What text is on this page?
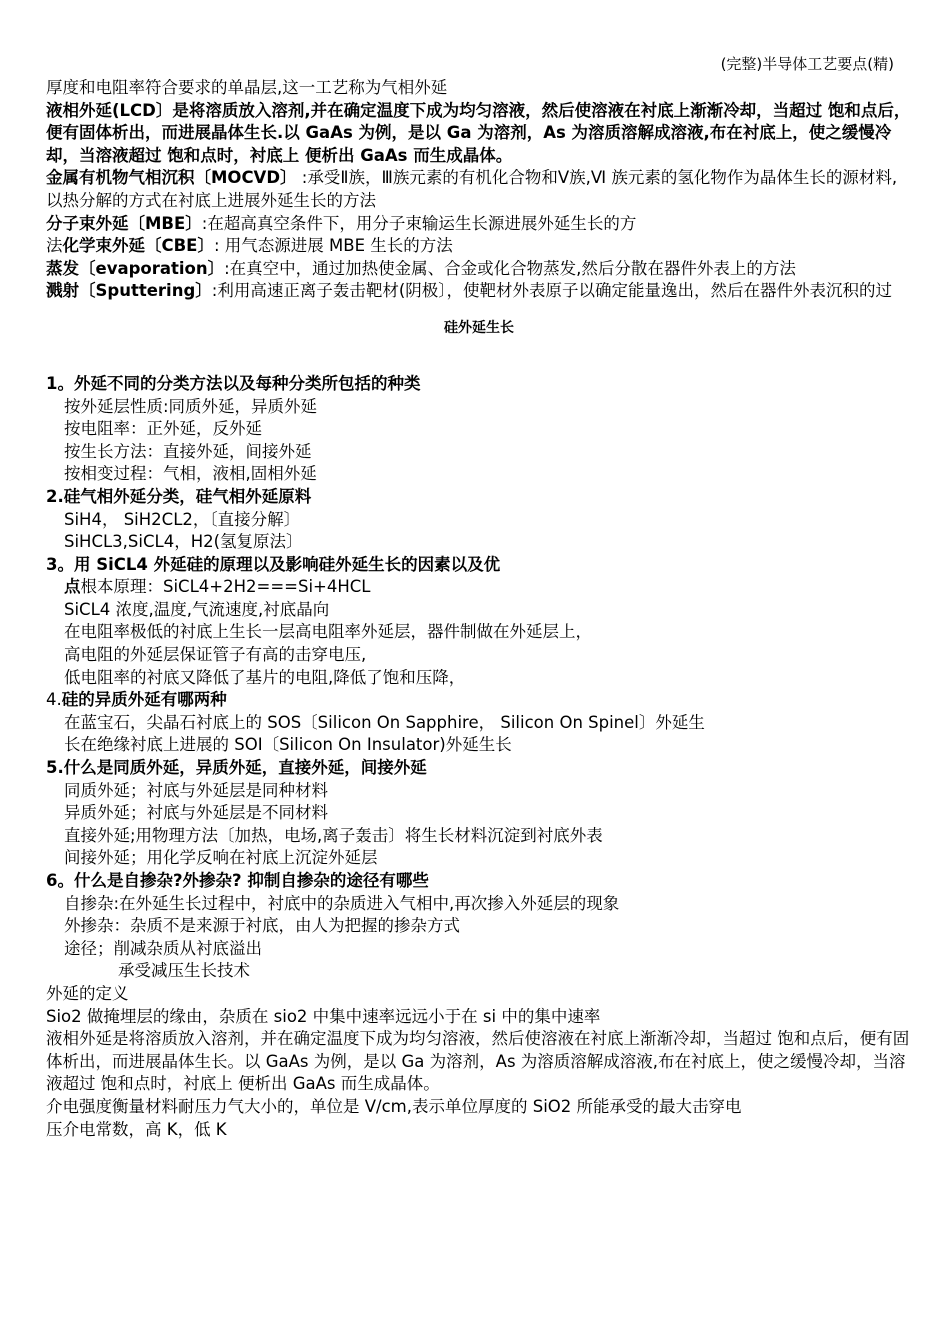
(完整)半导体工艺要点(精)

厚度和电阻率符合要求的单晶层,这一工艺称为气相外延

液相外延(LCD〕是将溶质放入溶剂,并在确定温度下成为均匀溶液，然后使溶液在衬底上渐渐冷却，当超过 饱和点后，便有固体析出，而进展晶体生长.以 GaAs 为例，是以 Ga 为溶剂，As 为溶质溶解成溶液,布在衬底上，使之缓慢冷却，当溶液超过 饱和点时，衬底上 便析出 GaAs 而生成晶体。

金属有机物气相沉积〔MOCVD〕 :承受Ⅱ族，Ⅲ族元素的有机化合物和Ⅴ族,Ⅵ 族元素的氢化物作为晶体生长的源材料,以热分解的方式在衬底上进展外延生长的方法

分子束外延〔MBE〕:在超高真空条件下，用分子束输运生长源进展外延生长的方

法化学束外延〔CBE〕: 用气态源进展 MBE 生长的方法

蒸发〔evaporation〕:在真空中，通过加热使金属、合金或化合物蒸发,然后分散在器件外表上的方法

溅射〔Sputtering〕:利用高速正离子轰击靶材(阴极〕，使靶材外表原子以确定能量逸出，然后在器件外表沉积的过

硅外延生长

1。外延不同的分类方法以及每种分类所包括的种类

按外延层性质:同质外延，异质外延

按电阻率：正外延，反外延

按生长方法：直接外延，间接外延

按相变过程：气相，液相,固相外延

2.硅气相外延分类，硅气相外延原料

SiH4， SiH2CL2，〔直接分解〕

SiHCL3,SiCL4，H2(氢复原法〕

3。用 SiCL4 外延硅的原理以及影响硅外延生长的因素以及优

点根本原理：SiCL4+2H2===Si+4HCL

SiCL4 浓度,温度,气流速度,衬底晶向

在电阻率极低的衬底上生长一层高电阻率外延层，器件制做在外延层上，

高电阻的外延层保证管子有高的击穿电压,

低电阻率的衬底又降低了基片的电阻,降低了饱和压降，

4.硅的异质外延有哪两种

在蓝宝石，尖晶石衬底上的 SOS〔Silicon On Sapphire， Silicon On Spinel〕外延生

长在绝缘衬底上进展的 SOI〔Silicon On Insulator)外延生长

5.什么是同质外延，异质外延，直接外延，间接外延

同质外延；衬底与外延层是同种材料

异质外延；衬底与外延层是不同材料

直接外延;用物理方法〔加热，电场,离子轰击〕将生长材料沉淀到衬底外表

间接外延；用化学反响在衬底上沉淀外延层

6。什么是自掺杂?外掺杂? 抑制自掺杂的途径有哪些

自掺杂:在外延生长过程中，衬底中的杂质进入气相中,再次掺入外延层的现象

外掺杂：杂质不是来源于衬底，由人为把握的掺杂方式

途径；削减杂质从衬底溢出

承受减压生长技术

外延的定义

Sio2 做掩埋层的缘由，杂质在 sio2 中集中速率远远小于在 si 中的集中速率

液相外延是将溶质放入溶剂，并在确定温度下成为均匀溶液，然后使溶液在衬底上渐渐冷却，当超过 饱和点后，便有固体析出，而进展晶体生长。以 GaAs 为例，是以 Ga 为溶剂，As 为溶质溶解成溶液,布在衬底上，使之缓慢冷却，当溶液超过 饱和点时，衬底上 便析出 GaAs 而生成晶体。

介电强度衡量材料耐压力气大小的，单位是 V/cm,表示单位厚度的 SiO2 所能承受的最大击穿电

压介电常数，高 K，低 K
